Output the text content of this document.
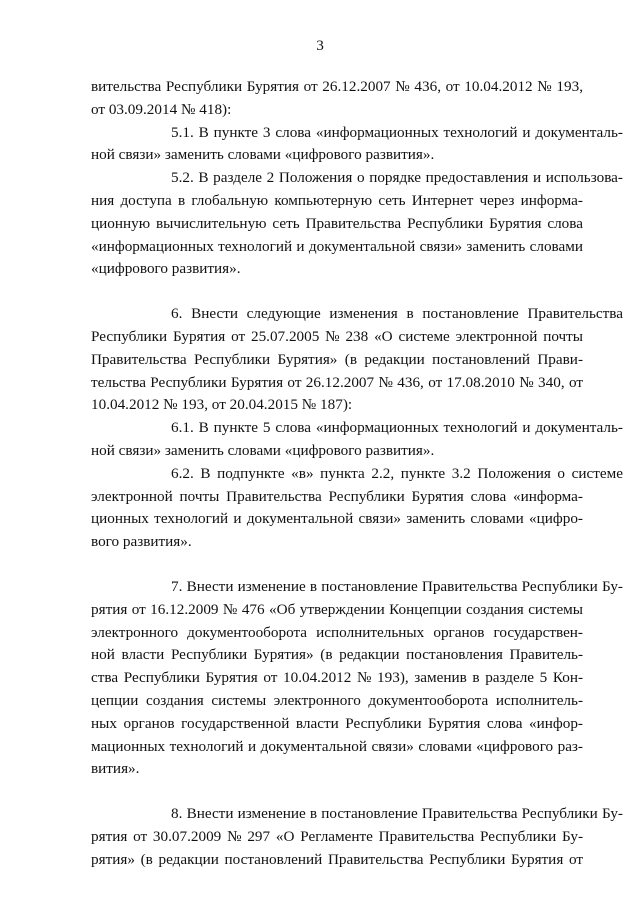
3
вительства Республики Бурятия от 26.12.2007 № 436, от 10.04.2012 № 193,
от 03.09.2014 № 418):
5.1. В пункте 3 слова «информационных технологий и документаль-
ной связи» заменить словами «цифрового развития».
5.2. В разделе 2 Положения о порядке предоставления и использова-
ния доступа в глобальную компьютерную сеть Интернет через информа-
ционную вычислительную сеть Правительства Республики Бурятия слова
«информационных технологий и документальной связи» заменить словами
«цифрового развития».
6. Внести следующие изменения в постановление Правительства
Республики Бурятия от 25.07.2005 № 238 «О системе электронной почты
Правительства Республики Бурятия» (в редакции постановлений Прави-
тельства Республики Бурятия от 26.12.2007 № 436, от 17.08.2010 № 340, от
10.04.2012 № 193, от 20.04.2015 № 187):
6.1. В пункте 5 слова «информационных технологий и документаль-
ной связи» заменить словами «цифрового развития».
6.2. В подпункте «в» пункта 2.2, пункте 3.2 Положения о системе
электронной почты Правительства Республики Бурятия слова «информа-
ционных технологий и документальной связи» заменить словами «цифро-
вого развития».
7. Внести изменение в постановление Правительства Республики Бу-
рятия от 16.12.2009 № 476 «Об утверждении Концепции создания системы
электронного документооборота исполнительных органов государствен-
ной власти Республики Бурятия» (в редакции постановления Правитель-
ства Республики Бурятия от 10.04.2012 № 193), заменив в разделе 5 Кон-
цепции создания системы электронного документооборота исполнитель-
ных органов государственной власти Республики Бурятия слова «инфор-
мационных технологий и документальной связи» словами «цифрового раз-
вития».
8. Внести изменение в постановление Правительства Республики Бу-
рятия от 30.07.2009 № 297 «О Регламенте Правительства Республики Бу-
рятия» (в редакции постановлений Правительства Республики Бурятия от
